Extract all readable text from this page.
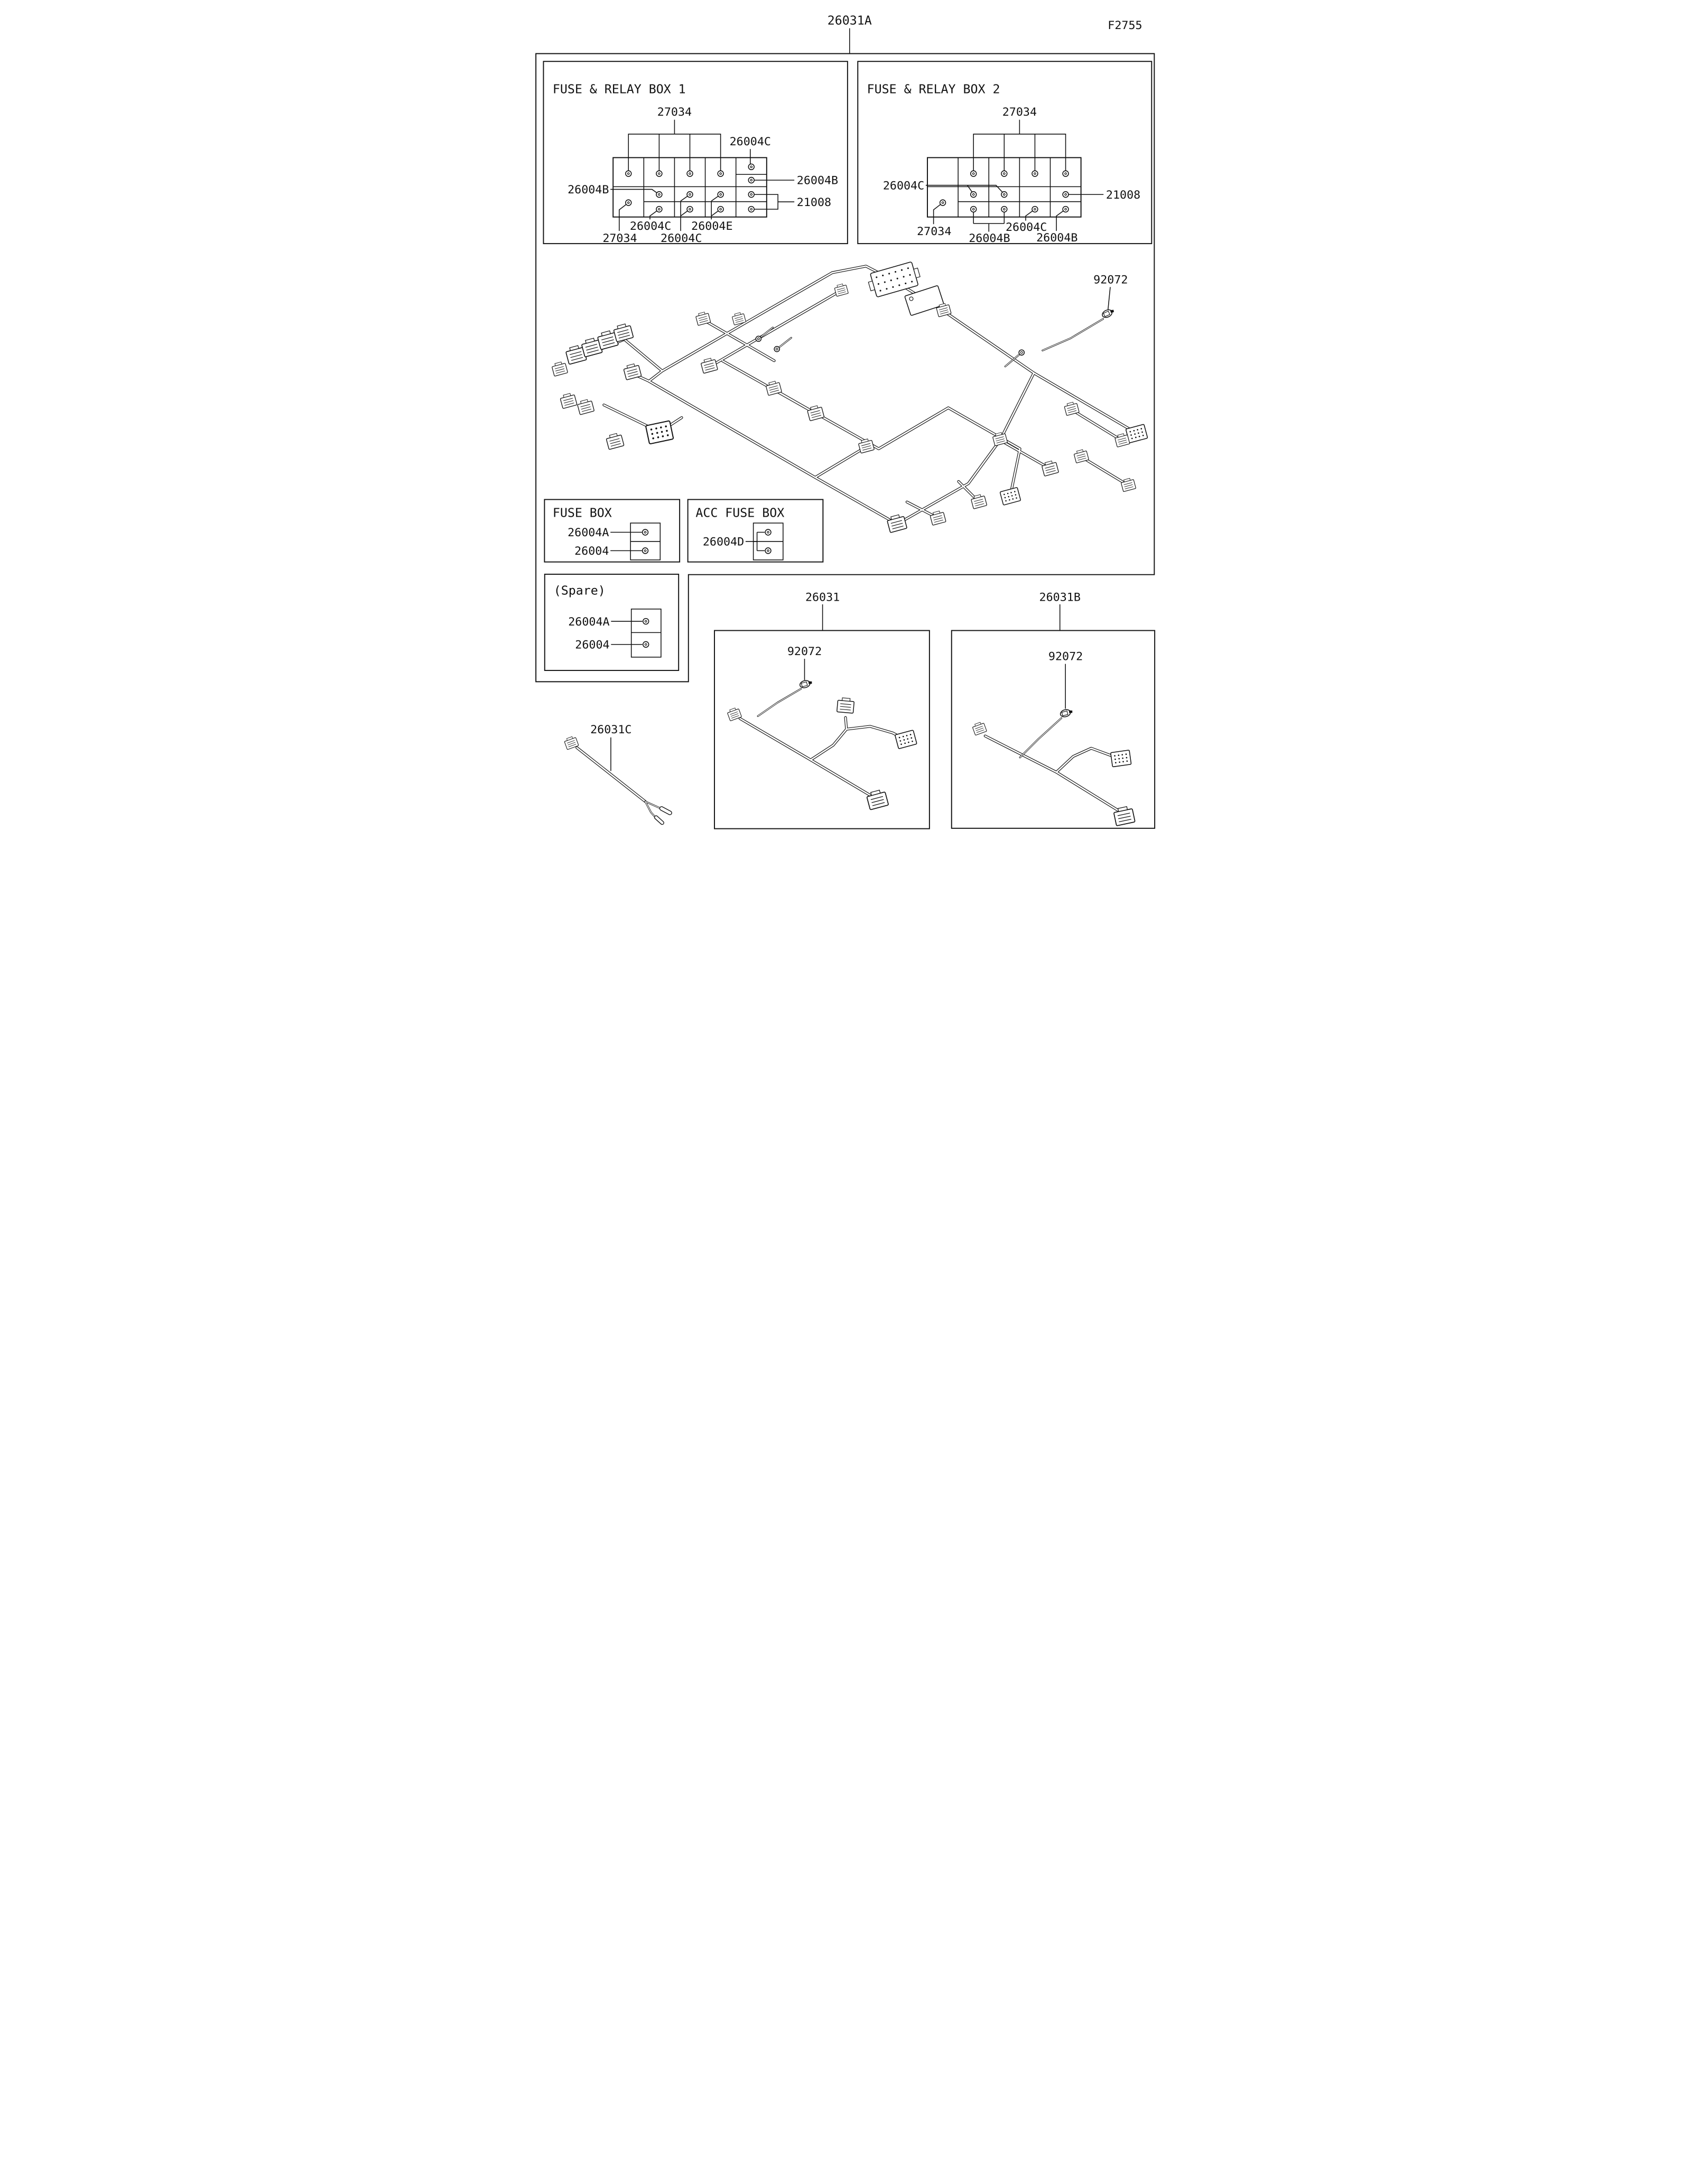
26031A	F2755
FUSE & RELAY BOX 1
27034
26004C
26004B
26004B
21008
26004C 26004E
27034 26004C
FUSE & RELAY BOX 2
27034
26004C
21008
27034
26004B
26004C
26004B
92072
FUSE BOX
26004A
26004
ACC FUSE BOX
26004D
(Spare)
26004A
26004
26031
92072
26031B
92072
26031C
